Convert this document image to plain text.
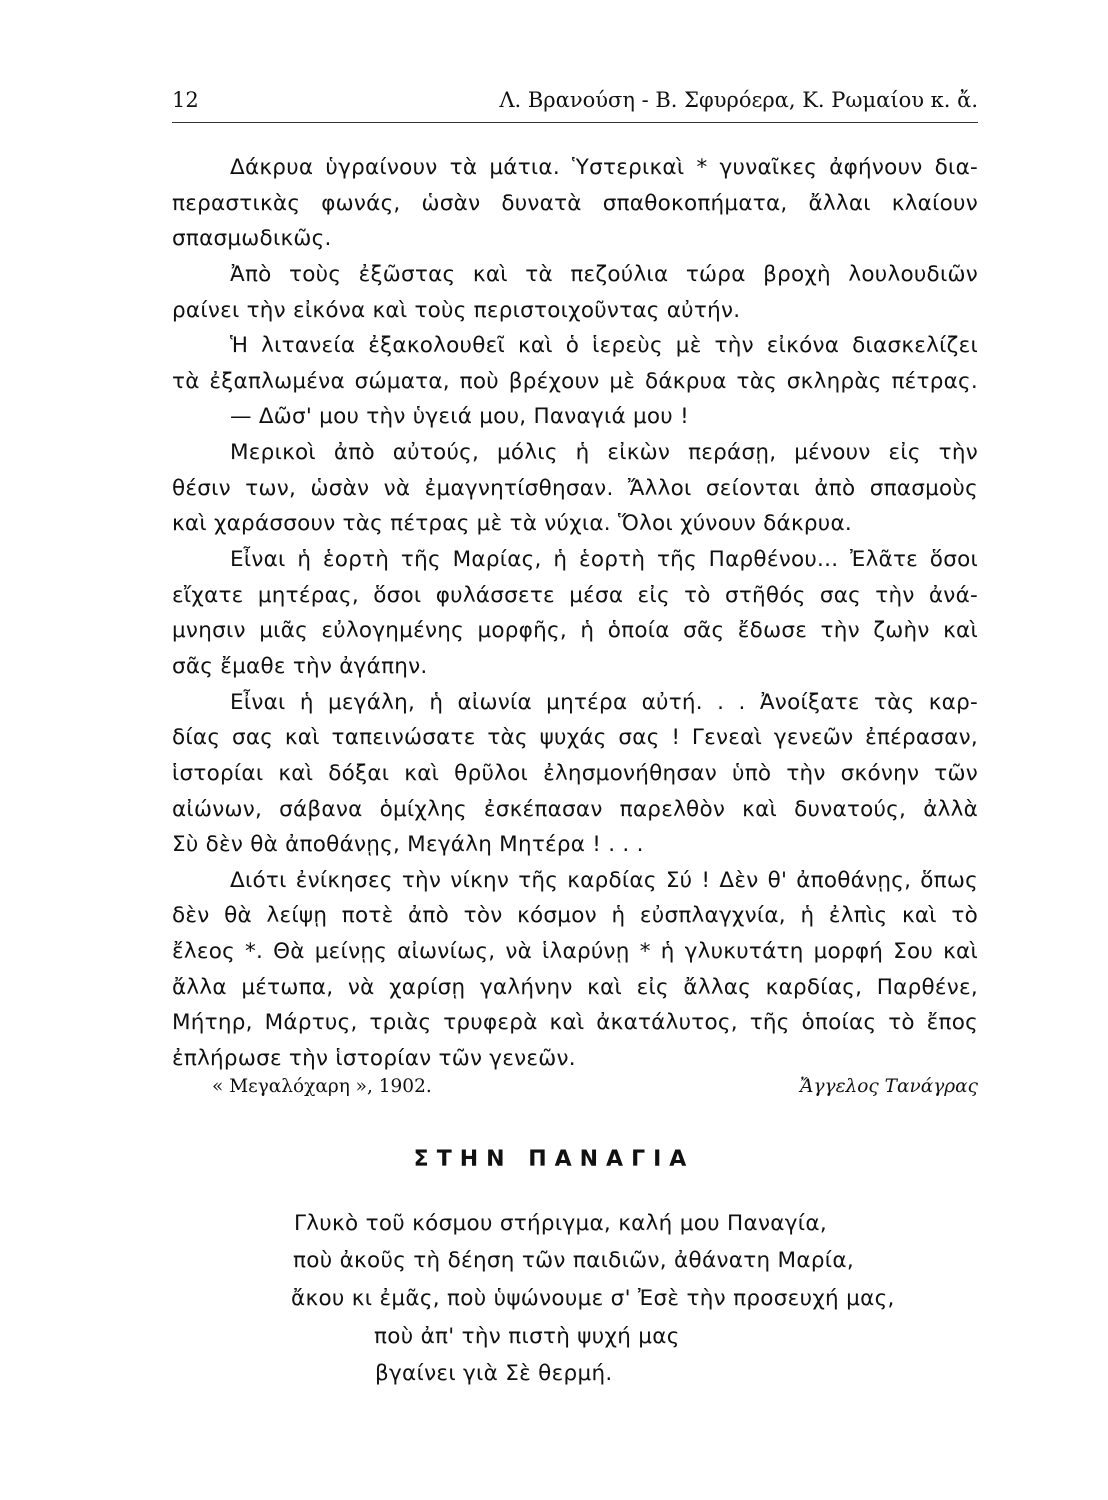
12	Λ. Βρανούση - Β. Σφυρόερα, Κ. Ρωμαίου κ. ἄ.
Δάκρυα ὑγραίνουν τὰ μάτια. Ὑστερικαὶ * γυναῖκες ἀφήνουν δια-
περαστικὰς φωνάς, ὡσὰν δυνατὰ σπαθοκοπήματα, ἄλλαι κλαίουν
σπασμωδικῶς.
Ἀπὸ τοὺς ἐξῶστας καὶ τὰ πεζούλια τώρα βροχὴ λουλουδιῶν
ραίνει τὴν εἰκόνα καὶ τοὺς περιστοιχοῦντας αὐτήν.
Ἡ λιτανεία ἐξακολουθεῖ καὶ ὁ ἱερεὺς μὲ τὴν εἰκόνα διασκελίζει
τὰ ἐξαπλωμένα σώματα, ποὺ βρέχουν μὲ δάκρυα τὰς σκληρὰς πέτρας.
— Δῶσ' μου τὴν ὑγειά μου, Παναγιά μου !
Μερικοὶ ἀπὸ αὐτούς, μόλις ἡ εἰκὼν περάσῃ, μένουν εἰς τὴν
θέσιν των, ὡσὰν νὰ ἐμαγνητίσθησαν. Ἄλλοι σείονται ἀπὸ σπασμοὺς
καὶ χαράσσουν τὰς πέτρας μὲ τὰ νύχια. Ὅλοι χύνουν δάκρυα.
Εἶναι ἡ ἑορτὴ τῆς Μαρίας, ἡ ἑορτὴ τῆς Παρθένου... Ἐλᾶτε ὅσοι
εἴχατε μητέρας, ὅσοι φυλάσσετε μέσα εἰς τὸ στῆθός σας τὴν ἀνά-
μνησιν μιᾶς εὐλογημένης μορφῆς, ἡ ὁποία σᾶς ἔδωσε τὴν ζωὴν καὶ
σᾶς ἔμαθε τὴν ἀγάπην.
Εἶναι ἡ μεγάλη, ἡ αἰωνία μητέρα αὐτή. . . Ἀνοίξατε τὰς καρ-
δίας σας καὶ ταπεινώσατε τὰς ψυχάς σας ! Γενεαὶ γενεῶν ἐπέρασαν,
ἱστορίαι καὶ δόξαι καὶ θρῦλοι ἐλησμονήθησαν ὑπὸ τὴν σκόνην τῶν
αἰώνων, σάβανα ὁμίχλης ἐσκέπασαν παρελθὸν καὶ δυνατούς, ἀλλὰ
Σὺ δὲν θὰ ἀποθάνῃς, Μεγάλη Μητέρα ! . . .
Διότι ἐνίκησες τὴν νίκην τῆς καρδίας Σύ ! Δὲν θ' ἀποθάνῃς, ὅπως
δὲν θὰ λείψῃ ποτὲ ἀπὸ τὸν κόσμον ἡ εὐσπλαγχνία, ἡ ἐλπὶς καὶ τὸ
ἔλεος *. Θὰ μείνῃς αἰωνίως, νὰ ἱλαρύνῃ * ἡ γλυκυτάτη μορφή Σου καὶ
ἄλλα μέτωπα, νὰ χαρίσῃ γαλήνην καὶ εἰς ἄλλας καρδίας, Παρθένε,
Μήτηρ, Μάρτυς, τριὰς τρυφερὰ καὶ ἀκατάλυτος, τῆς ὁποίας τὸ ἔπος
ἐπλήρωσε τὴν ἱστορίαν τῶν γενεῶν.
« Μεγαλόχαρη », 1902.	Ἄγγελος Τανάγρας
ΣΤΗΝ ΠΑΝΑΓΙΑ
Γλυκὸ τοῦ κόσμου στήριγμα, καλή μου Παναγία,
ποὺ ἀκοῦς τὴ δέηση τῶν παιδιῶν, ἀθάνατη Μαρία,
ἄκου κι ἐμᾶς, ποὺ ὑψώνουμε σ' Ἐσὲ τὴν προσευχή μας,
ποὺ ἀπ' τὴν πιστὴ ψυχή μας
βγαίνει γιὰ Σὲ θερμή.
